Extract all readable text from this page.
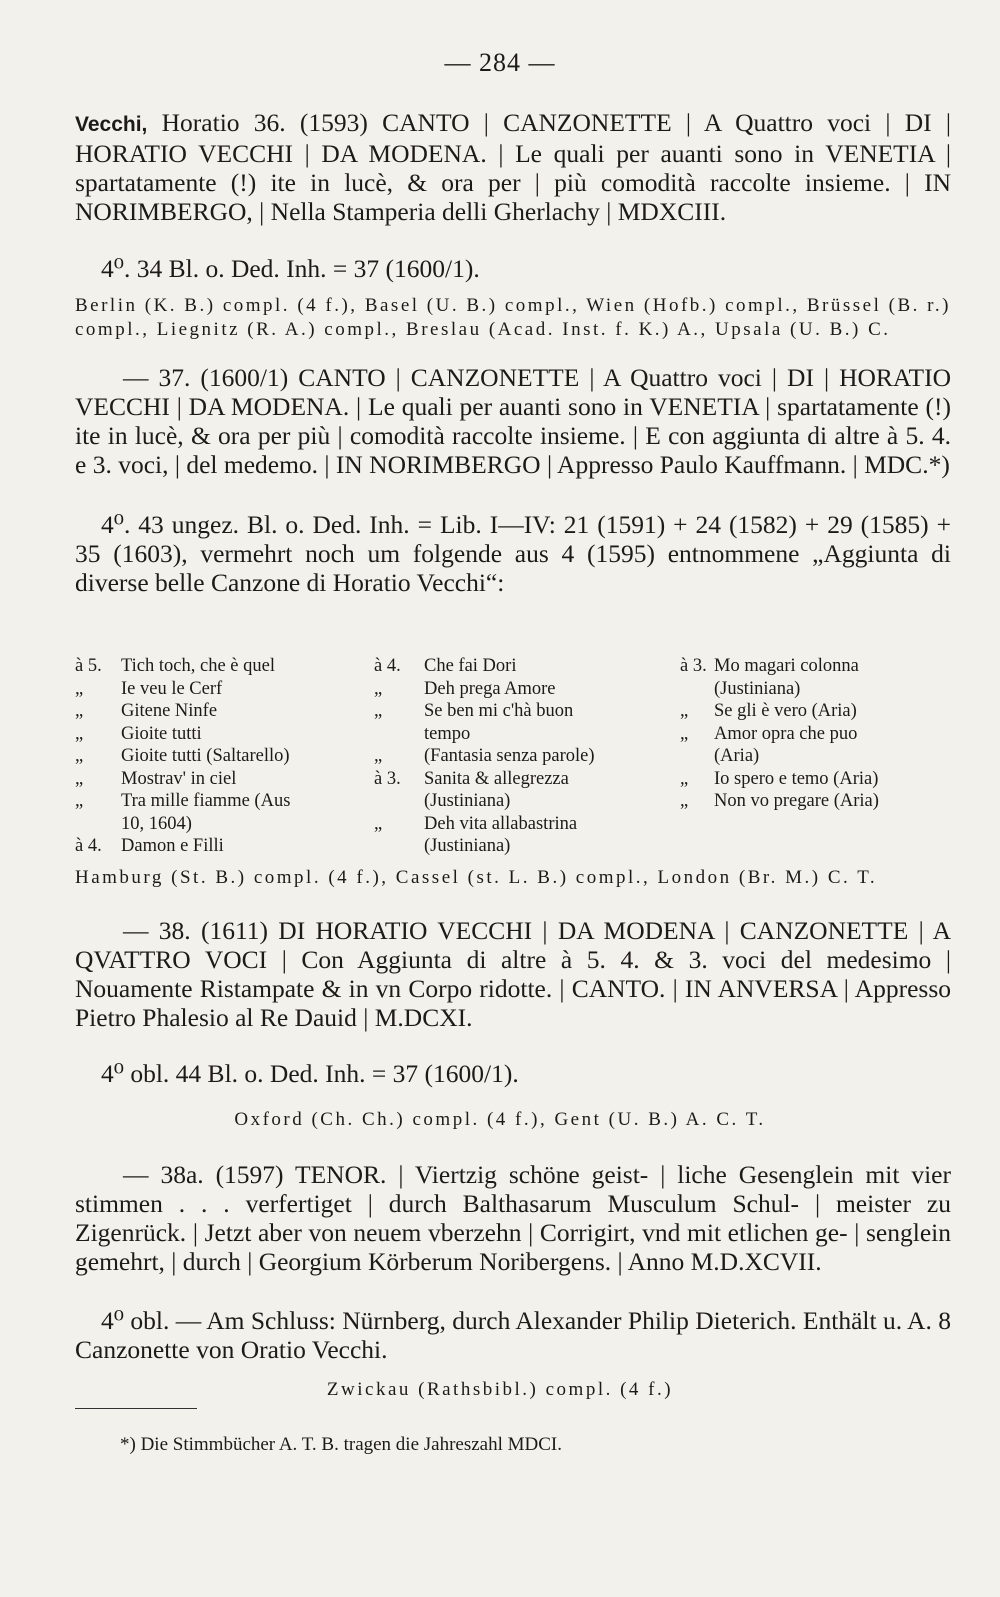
— 284 —
Vecchi, Horatio 36. (1593) CANTO | CANZONETTE | A Quattro voci | DI | HORATIO VECCHI | DA MODENA. | Le quali per auanti sono in VENETIA | spartatamente (!) ite in lucè, & ora per | più comodità raccolte insieme. | IN NORIMBERGO, | Nella Stamperia delli Gherlachy | MDXCIII.
4⁰. 34 Bl. o. Ded. Inh. = 37 (1600/1).
Berlin (K. B.) compl. (4 f.), Basel (U. B.) compl., Wien (Hofb.) compl., Brüssel (B. r.) compl., Liegnitz (R. A.) compl., Breslau (Acad. Inst. f. K.) A., Upsala (U. B.) C.
— 37. (1600/1) CANTO | CANZONETTE | A Quattro voci | DI | HORATIO VECCHI | DA MODENA. | Le quali per auanti sono in VENETIA | spartatamente (!) ite in lucè, & ora per più | comodità raccolte insieme. | E con aggiunta di altre à 5. 4. e 3. voci, | del medemo. | IN NORIMBERGO | Appresso Paulo Kauffmann. | MDC.*)
4⁰. 43 ungez. Bl. o. Ded. Inh. = Lib. I—IV: 21 (1591) + 24 (1582) + 29 (1585) + 35 (1603), vermehrt noch um folgende aus 4 (1595) entnommene „Aggiunta di diverse belle Canzone di Horatio Vecchi“:
à 5. Tich toch, che è quel
„ Ie veu le Cerf
„ Gitene Ninfe
„ Gioite tutti
„ Gioite tutti (Saltarello)
„ Mostrav' in ciel
„ Tra mille fiamme (Aus
10, 1604)
à 4. Damon e Filli
à 4. Che fai Dori
„ Deh prega Amore
„ Se ben mi c'hà buon
tempo
„ (Fantasia senza parole)
à 3. Sanita & allegrezza
(Justiniana)
„ Deh vita allabastrina
(Justiniana)
à 3. Mo magari colonna
(Justiniana)
„ Se gli è vero (Aria)
„ Amor opra che puo
(Aria)
„ Io spero e temo (Aria)
„ Non vo pregare (Aria)
Hamburg (St. B.) compl. (4 f.), Cassel (st. L. B.) compl., London (Br. M.) C. T.
— 38. (1611) DI HORATIO VECCHI | DA MODENA | CANZONETTE | A QVATTRO VOCI | Con Aggiunta di altre à 5. 4. & 3. voci del medesimo | Nouamente Ristampate & in vn Corpo ridotte. | CANTO. | IN ANVERSA | Appresso Pietro Phalesio al Re Dauid | M.DCXI.
4⁰ obl. 44 Bl. o. Ded. Inh. = 37 (1600/1).
Oxford (Ch. Ch.) compl. (4 f.), Gent (U. B.) A. C. T.
— 38a. (1597) TENOR. | Viertzig schöne geist- | liche Gesenglein mit vier stimmen . . . verfertiget | durch Balthasarum Musculum Schul- | meister zu Zigenrück. | Jetzt aber von neuem vberzehn | Corrigirt, vnd mit etlichen ge- | senglein gemehrt, | durch | Georgium Körberum Noribergens. | Anno M.D.XCVII.
4⁰ obl. — Am Schluss: Nürnberg, durch Alexander Philip Dieterich. Enthält u. A. 8 Canzonette von Oratio Vecchi.
Zwickau (Rathsbibl.) compl. (4 f.)
*) Die Stimmbücher A. T. B. tragen die Jahreszahl MDCI.
